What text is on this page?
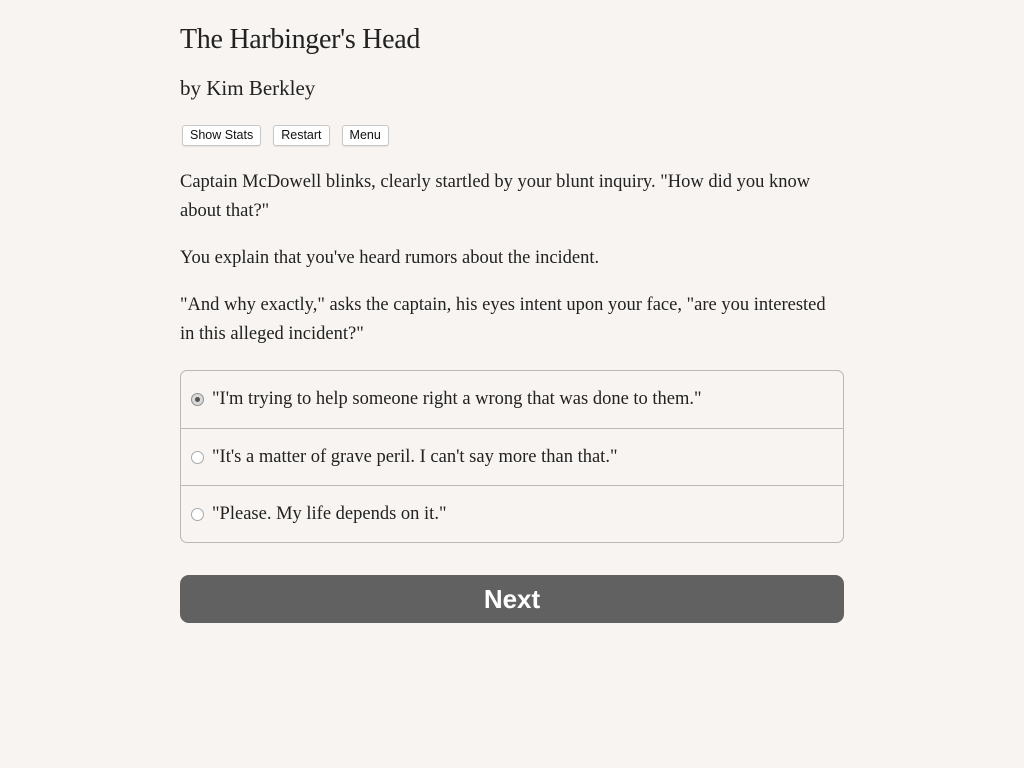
The Harbinger's Head
by Kim Berkley
Show Stats	Restart	Menu

Captain McDowell blinks, clearly startled by your blunt inquiry. "How did you know about that?"

You explain that you've heard rumors about the incident.

"And why exactly," asks the captain, his eyes intent upon your face, "are you interested in this alleged incident?"

"I'm trying to help someone right a wrong that was done to them."
"It's a matter of grave peril. I can't say more than that."
"Please. My life depends on it."
Next
